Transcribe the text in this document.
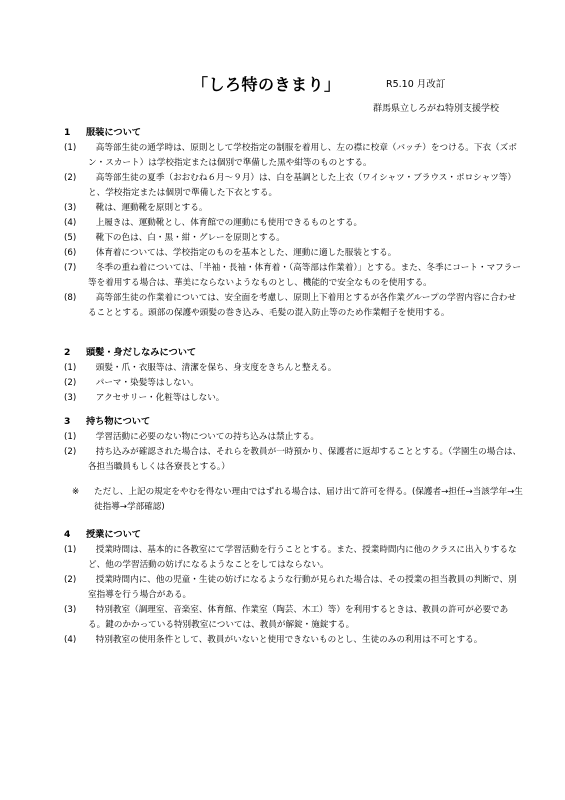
「しろ特のきまり」	R5.10 月改訂
群馬県立しろがね特別支援学校
1 服装について
(1)	高等部生徒の通学時は、原則として学校指定の制服を着用し、左の襟に校章（バッチ）をつける。下衣（ズボン・スカート）は学校指定または個別で準備した黒や紺等のものとする。
(2)	高等部生徒の夏季（おおむね６月～９月）は、白を基調とした上衣（ワイシャツ・ブラウス・ポロシャツ等）と、学校指定または個別で準備した下衣とする。
(3)	靴は、運動靴を原則とする。
(4)	上履きは、運動靴とし、体育館での運動にも使用できるものとする。
(5)	靴下の色は、白・黒・紺・グレーを原則とする。
(6)	体育着については、学校指定のものを基本とした、運動に適した服装とする。
(7)	冬季の重ね着については、「半袖・長袖・体育着・（高等部は作業着）」とする。また、冬季にコート・マフラー等を着用する場合は、華美にならないようなものとし、機能的で安全なものを使用する。
(8)	高等部生徒の作業着については、安全面を考慮し、原則上下着用とするが各作業グループの学習内容に合わせることとする。頭部の保護や頭髪の巻き込み、毛髪の混入防止等のため作業帽子を使用する。
2 頭髪・身だしなみについて
(1)	頭髪・爪・衣服等は、清潔を保ち、身支度をきちんと整える。
(2)	パーマ・染髪等はしない。
(3)	アクセサリー・化粧等はしない。
3 持ち物について
(1)	学習活動に必要のない物についての持ち込みは禁止する。
(2)	持ち込みが確認された場合は、それらを教員が一時預かり、保護者に返却することとする。（学園生の場合は、各担当職員もしくは各寮長とする。）
※	ただし、上記の規定をやむを得ない理由ではずれる場合は、届け出て許可を得る。(保護者→担任→当該学年→生徒指導→学部確認)
4 授業について
(1)	授業時間は、基本的に各教室にて学習活動を行うこととする。また、授業時間内に他のクラスに出入りするなど、他の学習活動の妨げになるようなことをしてはならない。
(2)	授業時間内に、他の児童・生徒の妨げになるような行動が見られた場合は、その授業の担当教員の判断で、別室指導を行う場合がある。
(3)	特別教室（調理室、音楽室、体育館、作業室（陶芸、木工）等）を利用するときは、教員の許可が必要である。鍵のかかっている特別教室については、教員が解錠・施錠する。
(4)	特別教室の使用条件として、教員がいないと使用できないものとし、生徒のみの利用は不可とする。
